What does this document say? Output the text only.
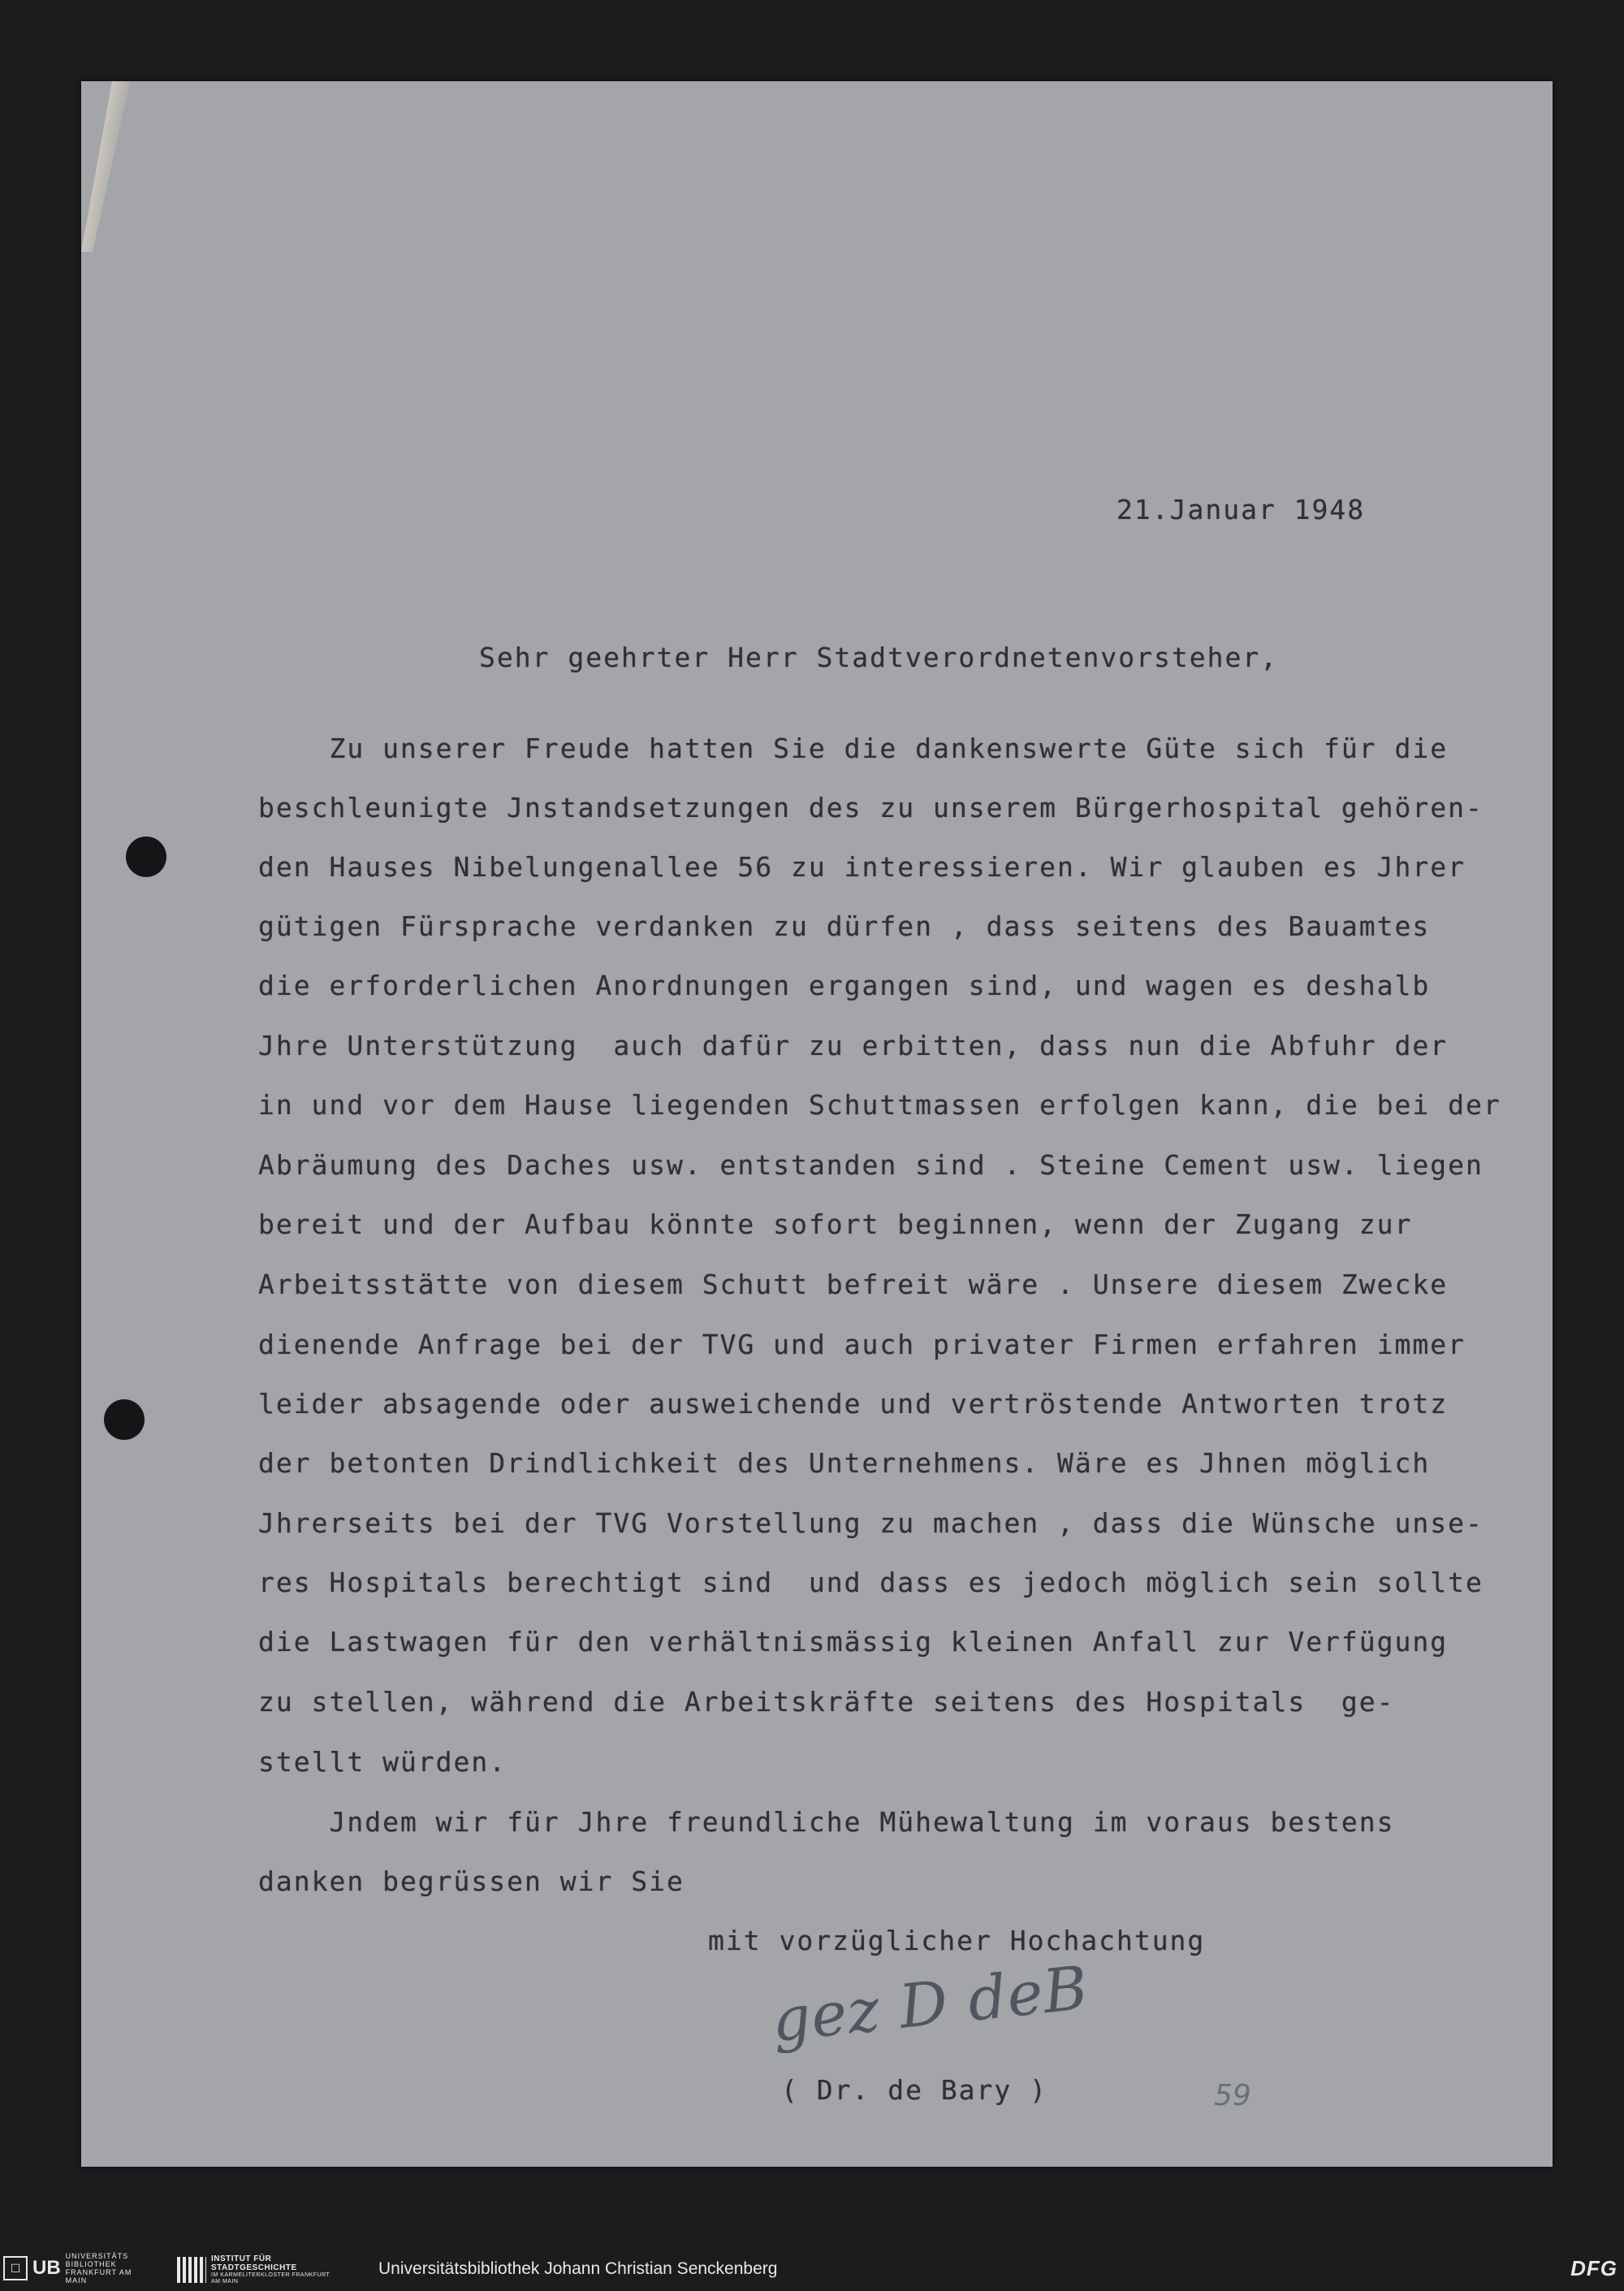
21.Januar 1948
Sehr geehrter Herr Stadtverordnetenvorsteher,
Zu unserer Freude hatten Sie die dankenswerte Güte sich für die
beschleunigte Jnstandsetzungen des zu unserem Bürgerhospital gehören-
den Hauses Nibelungenallee 56 zu interessieren. Wir glauben es Jhrer
gütigen Fürsprache verdanken zu dürfen , dass seitens des Bauamtes
die erforderlichen Anordnungen ergangen sind, und wagen es deshalb
Jhre Unterstützung  auch dafür zu erbitten, dass nun die Abfuhr der
in und vor dem Hause liegenden Schuttmassen erfolgen kann, die bei der
Abräumung des Daches usw. entstanden sind . Steine Cement usw. liegen
bereit und der Aufbau könnte sofort beginnen, wenn der Zugang zur
Arbeitsstätte von diesem Schutt befreit wäre . Unsere diesem Zwecke
dienende Anfrage bei der TVG und auch privater Firmen erfahren immer
leider absagende oder ausweichende und vertröstende Antworten trotz
der betonten Drindlichkeit des Unternehmens. Wäre es Jhnen möglich
Jhrerseits bei der TVG Vorstellung zu machen , dass die Wünsche unse-
res Hospitals berechtigt sind  und dass es jedoch möglich sein sollte
die Lastwagen für den verhältnismässig kleinen Anfall zur Verfügung
zu stellen, während die Arbeitskräfte seitens des Hospitals  ge-
stellt würden.
Jndem wir für Jhre freundliche Mühewaltung im voraus bestens
danken begrüssen wir Sie
mit vorzüglicher Hochachtung
gez D deB
( Dr. de Bary )	59
☐ UB
UNIVERSITÄTS BIBLIOTHEK FRANKFURT AM MAIN
INSTITUT FÜR
STADTGESCHICHTE
IM KARMELITERKLOSTER FRANKFURT AM MAIN
Universitätsbibliothek Johann Christian Senckenberg	DFG
